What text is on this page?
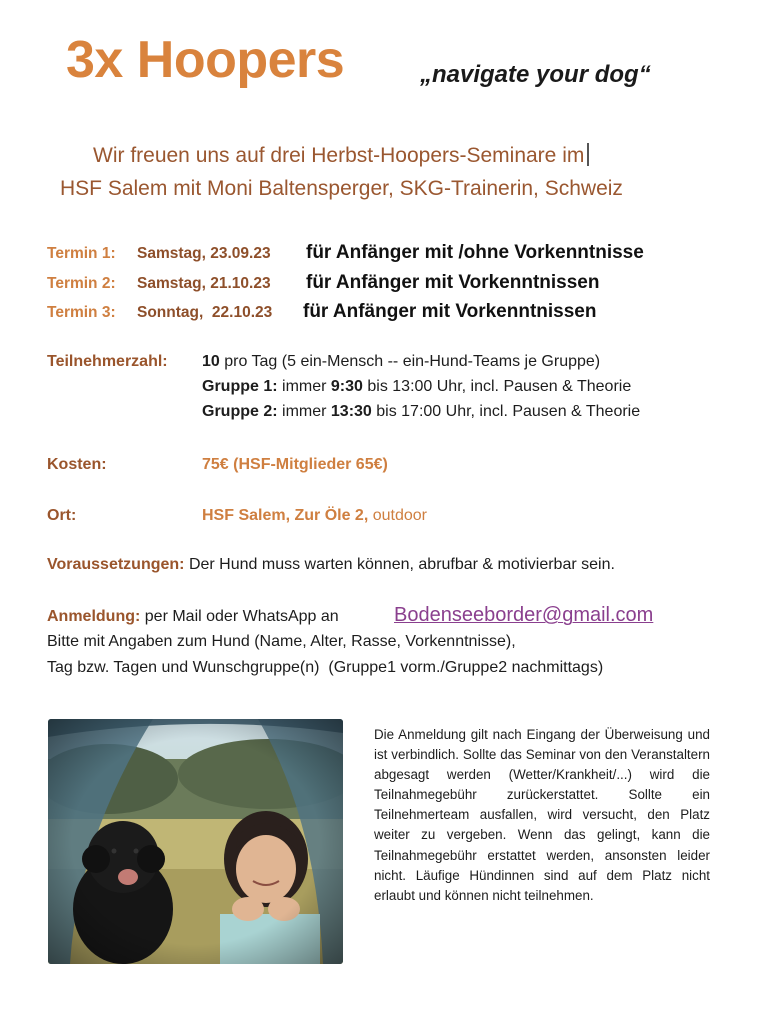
3x Hoopers	„navigate your dog“
Wir freuen uns auf drei Herbst-Hoopers-Seminare im
HSF Salem mit Moni Baltensperger, SKG-Trainerin, Schweiz
Termin 1: Samstag, 23.09.23 für Anfänger mit /ohne Vorkenntnisse
Termin 2: Samstag, 21.10.23 für Anfänger mit Vorkenntnissen
Termin 3: Sonntag,  22.10.23 für Anfänger mit Vorkenntnissen
Teilnehmerzahl: 10 pro Tag (5 ein-Mensch -- ein-Hund-Teams je Gruppe)
Gruppe 1: immer 9:30 bis 13:00 Uhr, incl. Pausen & Theorie
Gruppe 2: immer 13:30 bis 17:00 Uhr, incl. Pausen & Theorie
Kosten:	75€ (HSF-Mitglieder 65€)
Ort:	HSF Salem, Zur Öle 2, outdoor
Voraussetzungen: Der Hund muss warten können, abrufbar & motivierbar sein.
Anmeldung: per Mail oder WhatsApp an	Bodenseeborder@gmail.com
Bitte mit Angaben zum Hund (Name, Alter, Rasse, Vorkenntnisse),
Tag bzw. Tagen und Wunschgruppe(n)  (Gruppe1 vorm./Gruppe2 nachmittags)
Die Anmeldung gilt nach Eingang der Überweisung und ist verbindlich. Sollte das Seminar von den Veranstaltern abgesagt werden (Wetter/Krankheit/...) wird die Teilnahmegebühr zurückerstattet. Sollte ein Teilnehmerteam ausfallen, wird versucht, den Platz weiter zu vergeben. Wenn das gelingt, kann die Teilnahmegebühr erstattet werden, ansonsten leider nicht. Läufige Hündinnen sind auf dem Platz nicht erlaubt und können nicht teilnehmen.
